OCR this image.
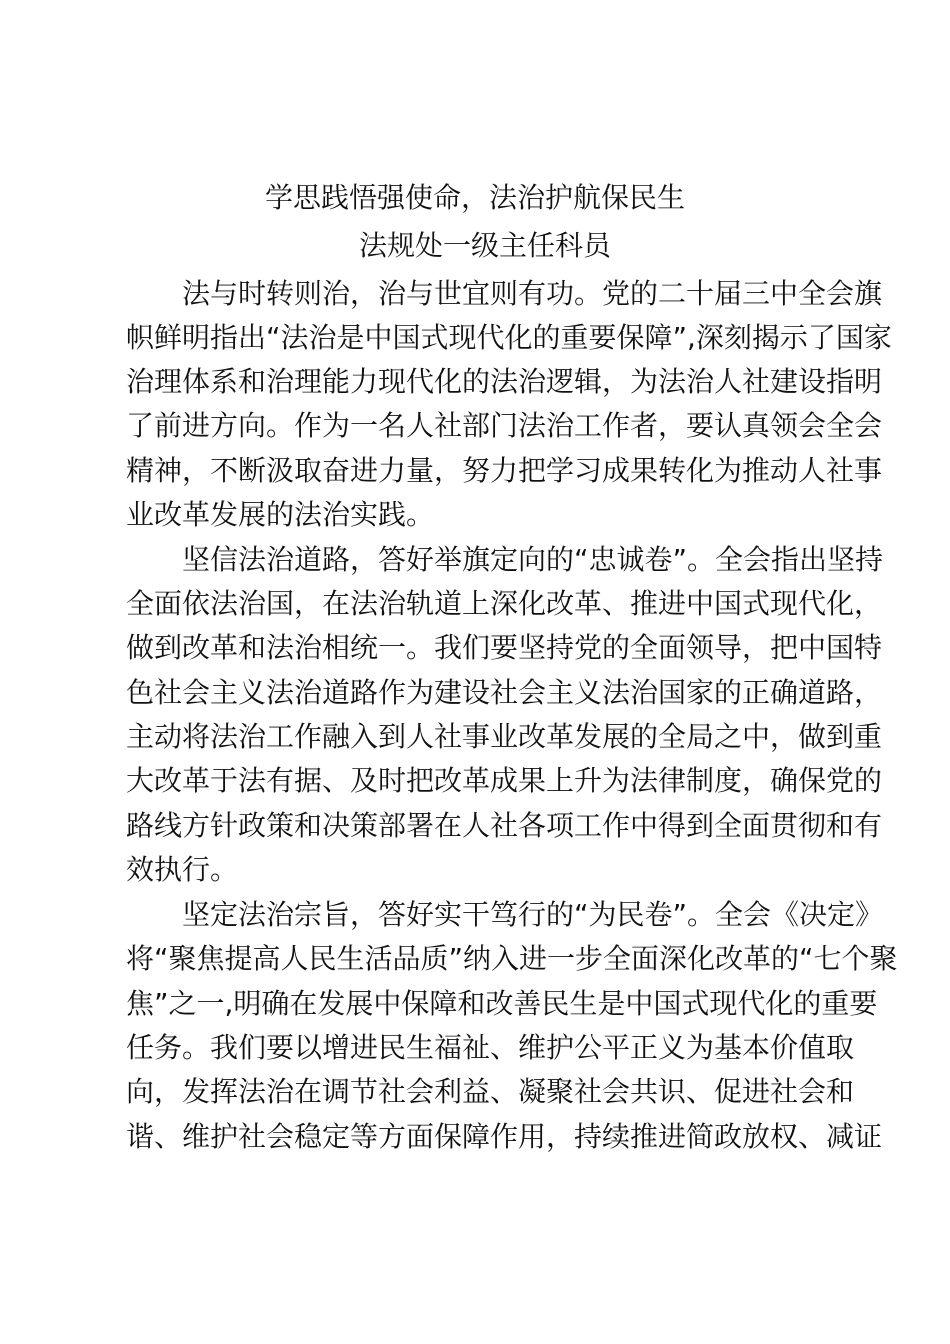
学思践悟强使命，法治护航保民生
法规处一级主任科员
法与时转则治，治与世宜则有功。党的二十届三中全会旗
帜鲜明指出“法治是中国式现代化的重要保障”,深刻揭示了国家
治理体系和治理能力现代化的法治逻辑，为法治人社建设指明
了前进方向。作为一名人社部门法治工作者，要认真领会全会
精神，不断汲取奋进力量，努力把学习成果转化为推动人社事
业改革发展的法治实践。
坚信法治道路，答好举旗定向的“忠诚卷”。全会指出坚持
全面依法治国，在法治轨道上深化改革、推进中国式现代化，
做到改革和法治相统一。我们要坚持党的全面领导，把中国特
色社会主义法治道路作为建设社会主义法治国家的正确道路，
主动将法治工作融入到人社事业改革发展的全局之中，做到重
大改革于法有据、及时把改革成果上升为法律制度，确保党的
路线方针政策和决策部署在人社各项工作中得到全面贯彻和有
效执行。
坚定法治宗旨，答好实干笃行的“为民卷”。全会《决定》
将“聚焦提高人民生活品质”纳入进一步全面深化改革的“七个聚
焦”之一,明确在发展中保障和改善民生是中国式现代化的重要
任务。我们要以增进民生福祉、维护公平正义为基本价值取
向，发挥法治在调节社会利益、凝聚社会共识、促进社会和
谐、维护社会稳定等方面保障作用，持续推进简政放权、减证
